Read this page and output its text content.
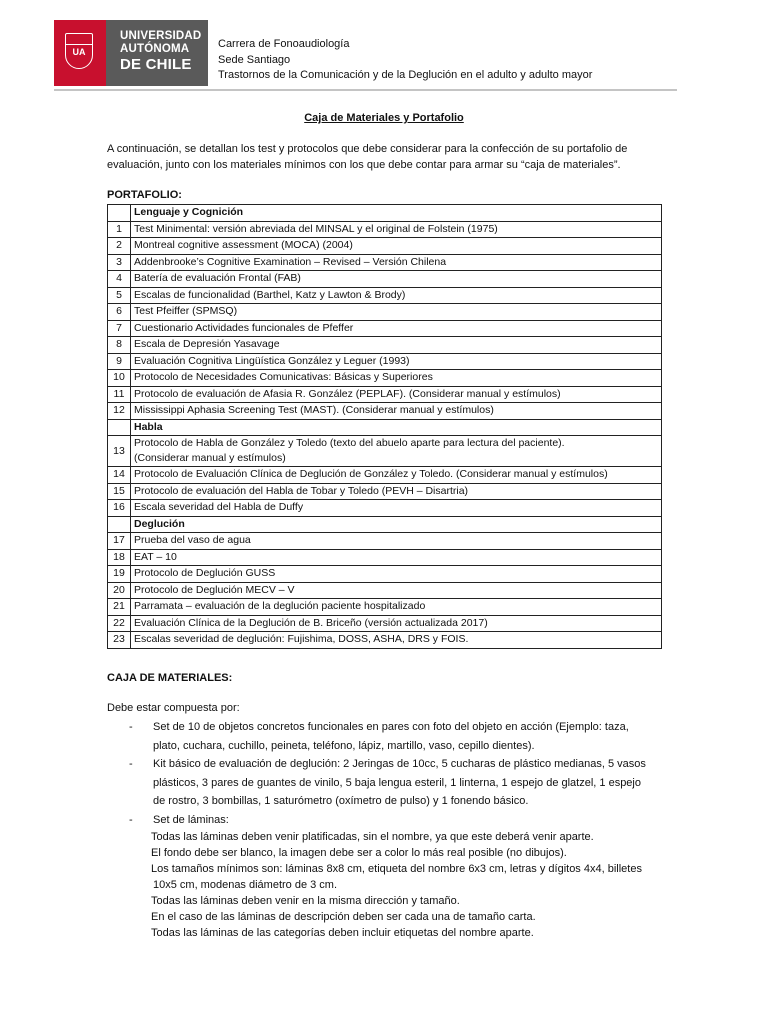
UA
UNIVERSIDAD
AUTÓNOMA
DE CHILE
Carrera de Fonoaudiología
Sede Santiago
Trastornos de la Comunicación y de la Deglución en el adulto y adulto mayor
Caja de Materiales y Portafolio
A continuación, se detallan los test y protocolos que debe considerar para la confección de su portafolio de evaluación, junto con los materiales mínimos con los que debe contar para armar su “caja de materiales”.
PORTAFOLIO:

	Lenguaje y Cognición

1	Test Minimental: versión abreviada del MINSAL y el original de Folstein (1975)

2	Montreal cognitive assessment (MOCA) (2004)

3	Addenbrooke’s Cognitive Examination – Revised – Versión Chilena

4	Batería de evaluación Frontal (FAB)

5	Escalas de funcionalidad (Barthel, Katz y Lawton & Brody)

6	Test Pfeiffer (SPMSQ)

7	Cuestionario Actividades funcionales de Pfeffer

8	Escala de Depresión Yasavage

9	Evaluación Cognitiva Lingüística González y Leguer (1993)

10	Protocolo de Necesidades Comunicativas: Básicas y Superiores

11	Protocolo de evaluación de Afasia R. González (PEPLAF). (Considerar manual y estímulos)

12	Mississippi Aphasia Screening Test (MAST). (Considerar manual y estímulos)

	Habla

13	Protocolo de Habla de González y Toledo (texto del abuelo aparte para lectura del paciente).
(Considerar manual y estímulos)

14	Protocolo de Evaluación Clínica de Deglución de González y Toledo. (Considerar manual y estímulos)

15	Protocolo de evaluación del Habla de Tobar y Toledo (PEVH – Disartria)

16	Escala severidad del Habla de Duffy

	Deglución

17	Prueba del vaso de agua

18	EAT – 10

19	Protocolo de Deglución GUSS

20	Protocolo de Deglución MECV – V

21	Parramata – evaluación de la deglución paciente hospitalizado

22	Evaluación Clínica de la Deglución de B. Briceño (versión actualizada 2017)

23	Escalas severidad de deglución: Fujishima, DOSS, ASHA, DRS y FOIS.
CAJA DE MATERIALES:
Debe estar compuesta por:
- Set de 10 de objetos concretos funcionales en pares con foto del objeto en acción (Ejemplo: taza,
plato, cuchara, cuchillo, peineta, teléfono, lápiz, martillo, vaso, cepillo dientes).
- Kit básico de evaluación de deglución: 2 Jeringas de 10cc, 5 cucharas de plástico medianas, 5 vasos
plásticos, 3 pares de guantes de vinilo, 5 baja lengua esteril, 1 linterna, 1 espejo de glatzel, 1 espejo
de rostro, 3 bombillas, 1 saturómetro (oxímetro de pulso) y 1 fonendo básico.
- Set de láminas:
Todas las láminas deben venir platificadas, sin el nombre, ya que este deberá venir aparte.
El fondo debe ser blanco, la imagen debe ser a color lo más real posible (no dibujos).
Los tamaños mínimos son: láminas 8x8 cm, etiqueta del nombre 6x3 cm, letras y dígitos 4x4, billetes
10x5 cm, modenas diámetro de 3 cm.
Todas las láminas deben venir en la misma dirección y tamaño.
En el caso de las láminas de descripción deben ser cada una de tamaño carta.
Todas las láminas de las categorías deben incluir etiquetas del nombre aparte.
